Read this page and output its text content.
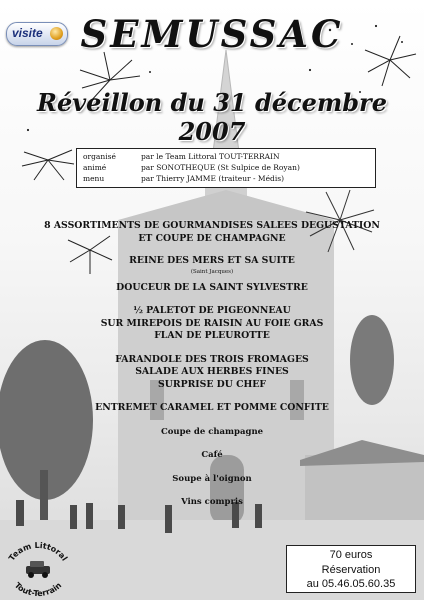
visite	SEMUSSAC
Réveillon du 31 décembre 2007
organisé	par le Team Littoral TOUT-TERRAIN
animé	par SONOTHEQUE (St Sulpice de Royan)
menu	par Thierry JAMME (traiteur - Médis)

8 ASSORTIMENTS DE GOURMANDISES SALEES DEGUSTATION

ET COUPE DE CHAMPAGNE

REINE DES MERS ET SA SUITE

(Saint Jacques)

DOUCEUR DE LA SAINT SYLVESTRE

½ PALETOT DE PIGEONNEAU

SUR MIREPOIS DE RAISIN AU FOIE GRAS

FLAN DE PLEUROTTE

FARANDOLE DES TROIS FROMAGES

SALADE AUX HERBES FINES

SURPRISE DU CHEF

ENTREMET CARAMEL ET POMME CONFITE

Coupe de champagne

Café

Soupe à l'oignon

Vins compris

Team Littoral
Tout-Terrain
70 euros
Réservation
au 05.46.05.60.35
